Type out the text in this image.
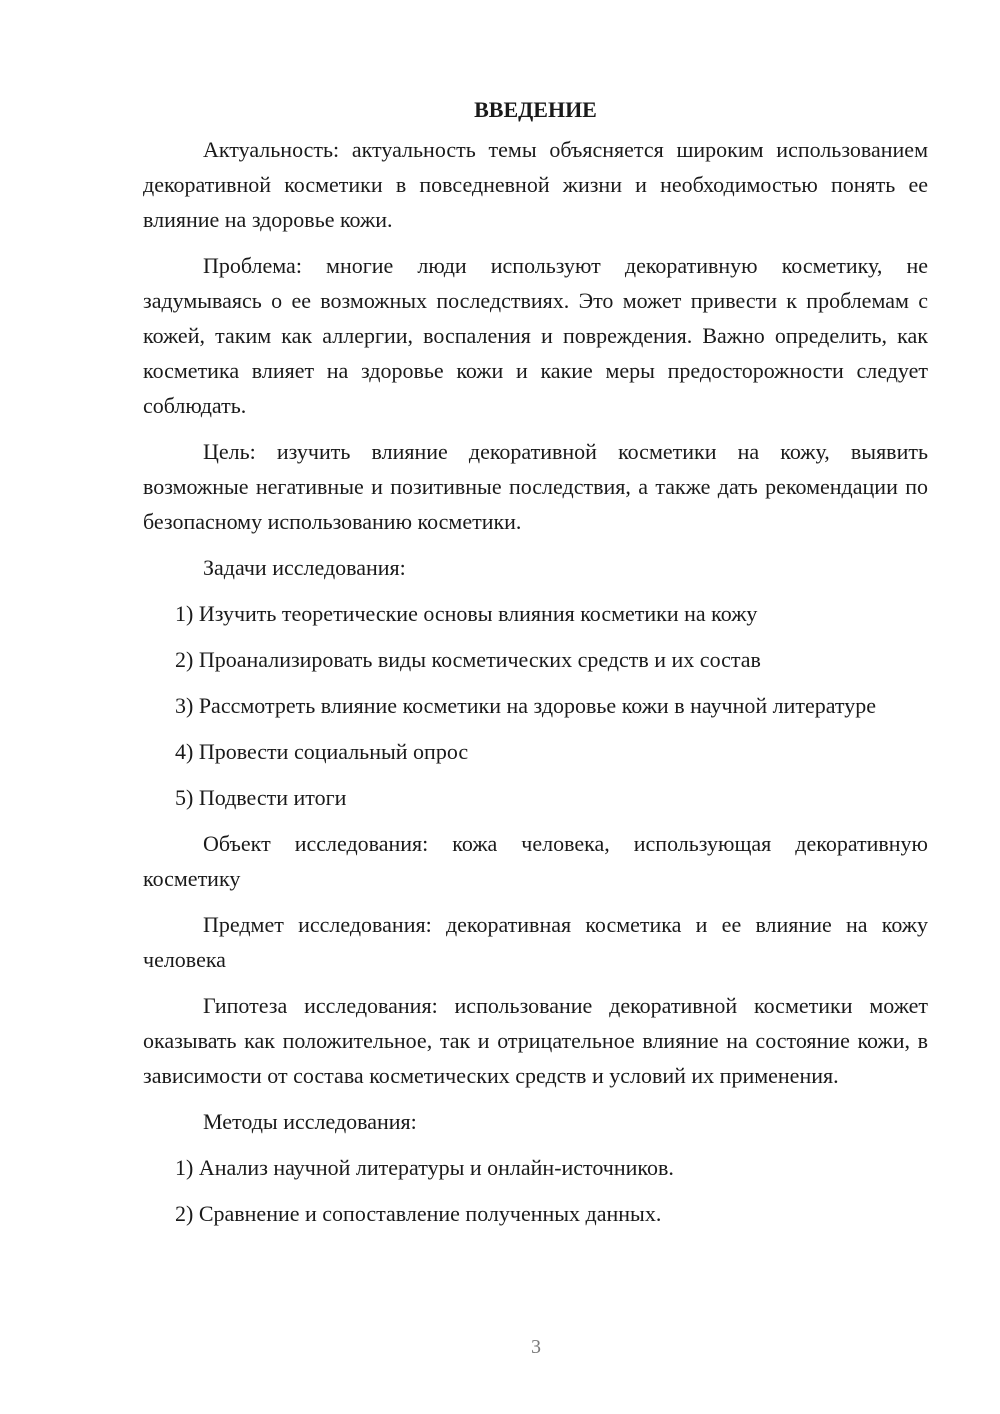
ВВЕДЕНИЕ

Актуальность: актуальность темы объясняется широким использованием декоративной косметики в повседневной жизни и необходимостью понять ее влияние на здоровье кожи.

Проблема: многие люди используют декоративную косметику, не задумываясь о ее возможных последствиях. Это может привести к проблемам с кожей, таким как аллергии, воспаления и повреждения. Важно определить, как косметика влияет на здоровье кожи и какие меры предосторожности следует соблюдать.

Цель: изучить влияние декоративной косметики на кожу, выявить возможные негативные и позитивные последствия, а также дать рекомендации по безопасному использованию косметики.

Задачи исследования:

1) Изучить теоретические основы влияния косметики на кожу

2) Проанализировать виды косметических средств и их состав

3) Рассмотреть влияние косметики на здоровье кожи в научной литературе

4) Провести социальный опрос

5) Подвести итоги

Объект исследования: кожа человека, использующая декоративную косметику

Предмет исследования: декоративная косметика и ее влияние на кожу человека

Гипотеза исследования: использование декоративной косметики может оказывать как положительное, так и отрицательное влияние на состояние кожи, в зависимости от состава косметических средств и условий их применения.

Методы исследования:

1) Анализ научной литературы и онлайн-источников.

2) Сравнение и сопоставление полученных данных.

3
